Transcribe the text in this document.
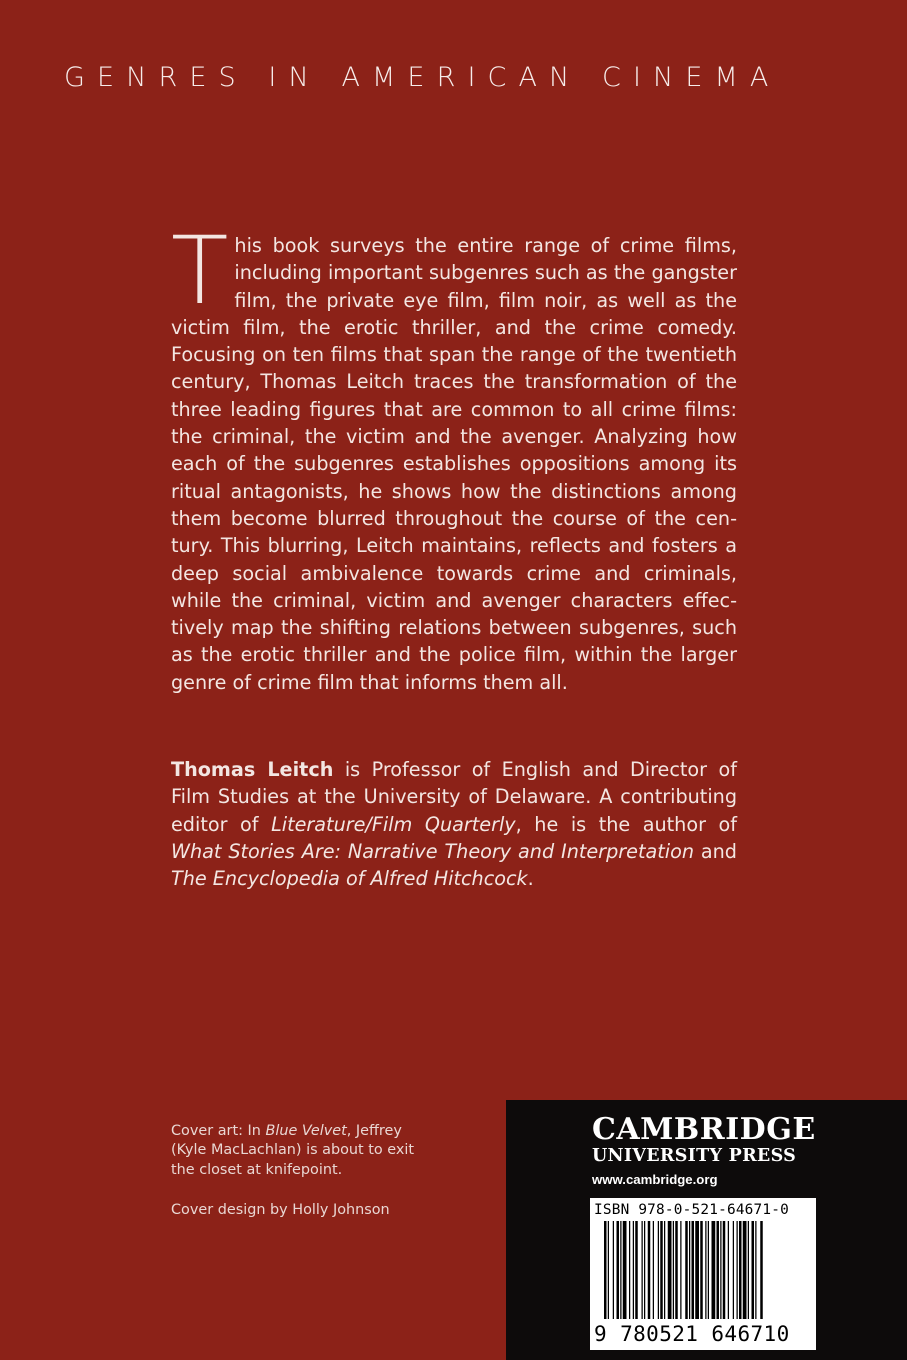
GENRES IN AMERICAN CINEMA
This book surveys the entire range of crime films, including important subgenres such as the gangster film, the private eye film, film noir, as well as the victim film, the erotic thriller, and the crime comedy. Focusing on ten films that span the range of the twentieth century, Thomas Leitch traces the transformation of the three leading figures that are common to all crime films: the criminal, the victim and the avenger. Analyzing how each of the subgenres establishes oppositions among its ritual antagonists, he shows how the distinctions among them become blurred throughout the course of the century. This blurring, Leitch maintains, reflects and fosters a deep social ambivalence towards crime and criminals, while the criminal, victim and avenger characters effectively map the shifting relations between subgenres, such as the erotic thriller and the police film, within the larger genre of crime film that informs them all.
Thomas Leitch is Professor of English and Director of Film Studies at the University of Delaware. A contributing editor of Literature/Film Quarterly, he is the author of What Stories Are: Narrative Theory and Interpretation and The Encyclopedia of Alfred Hitchcock.

Cover art: In Blue Velvet, Jeffrey (Kyle MacLachlan) is about to exit the closet at knifepoint.

Cover design by Holly Johnson

CAMBRIDGE
UNIVERSITY PRESS
www.cambridge.org
ISBN 978-0-521-64671-0
9 780521 646710
